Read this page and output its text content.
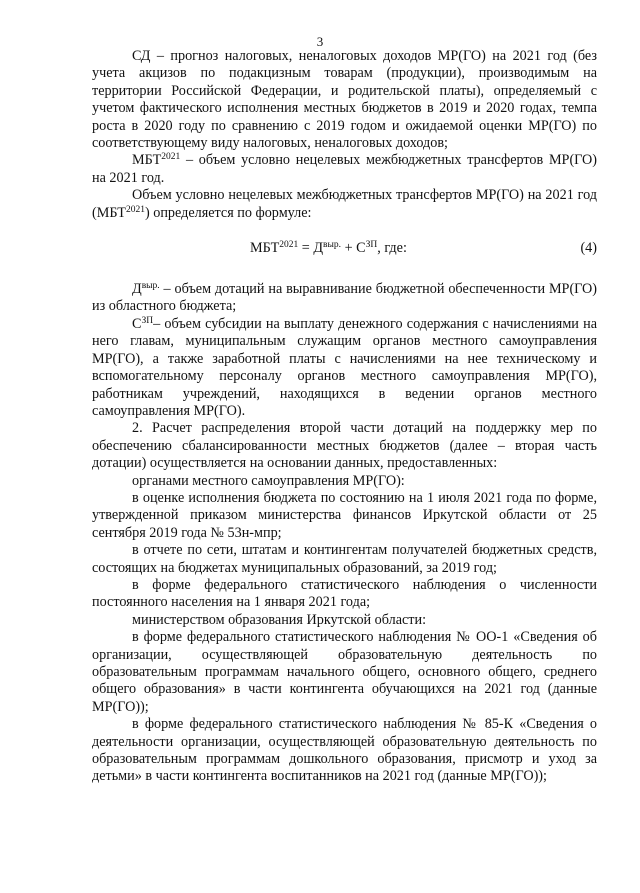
3

СД – прогноз налоговых, неналоговых доходов МР(ГО) на 2021 год (без учета акцизов по подакцизным товарам (продукции), производимым на территории Российской Федерации, и родительской платы), определяемый с учетом фактического исполнения местных бюджетов в 2019 и 2020 годах, темпа роста в 2020 году по сравнению с 2019 годом и ожидаемой оценки МР(ГО) по соответствующему виду налоговых, неналоговых доходов;

$МБТ^{2021}$ – объем условно нецелевых межбюджетных трансфертов МР(ГО) на 2021 год.

Объем условно нецелевых межбюджетных трансфертов МР(ГО) на 2021 год $(МБТ^{2021})$ определяется по формуле:

$МБТ^{2021} = Д^{выр.} + С^{ЗП}$, где:	(4)

$Д^{выр.}$ – объем дотаций на выравнивание бюджетной обеспеченности МР(ГО) из областного бюджета;

$С^{ЗП}-$ объем субсидии на выплату денежного содержания с начислениями на него главам, муниципальным служащим органов местного самоуправления МР(ГО), а также заработной платы с начислениями на нее техническому и вспомогательному персоналу органов местного самоуправления МР(ГО), работникам учреждений, находящихся в ведении органов местного самоуправления МР(ГО).

2. Расчет распределения второй части дотаций на поддержку мер по обеспечению сбалансированности местных бюджетов (далее – вторая часть дотации) осуществляется на основании данных, предоставленных:

органами местного самоуправления МР(ГО):

в оценке исполнения бюджета по состоянию на 1 июля 2021 года по форме, утвержденной приказом министерства финансов Иркутской области от 25 сентября 2019 года № 53н-мпр;

в отчете по сети, штатам и контингентам получателей бюджетных средств, состоящих на бюджетах муниципальных образований, за 2019 год;

в форме федерального статистического наблюдения о численности постоянного населения на 1 января 2021 года;

министерством образования Иркутской области:

в форме федерального статистического наблюдения № ОО-1 «Сведения об организации, осуществляющей образовательную деятельность по образовательным программам начального общего, основного общего, среднего общего образования» в части контингента обучающихся на 2021 год (данные МР(ГО));

в форме федерального статистического наблюдения № 85-К «Сведения о деятельности организации, осуществляющей образовательную деятельность по образовательным программам дошкольного образования, присмотр и уход за детьми» в части контингента воспитанников на 2021 год (данные МР(ГО));
